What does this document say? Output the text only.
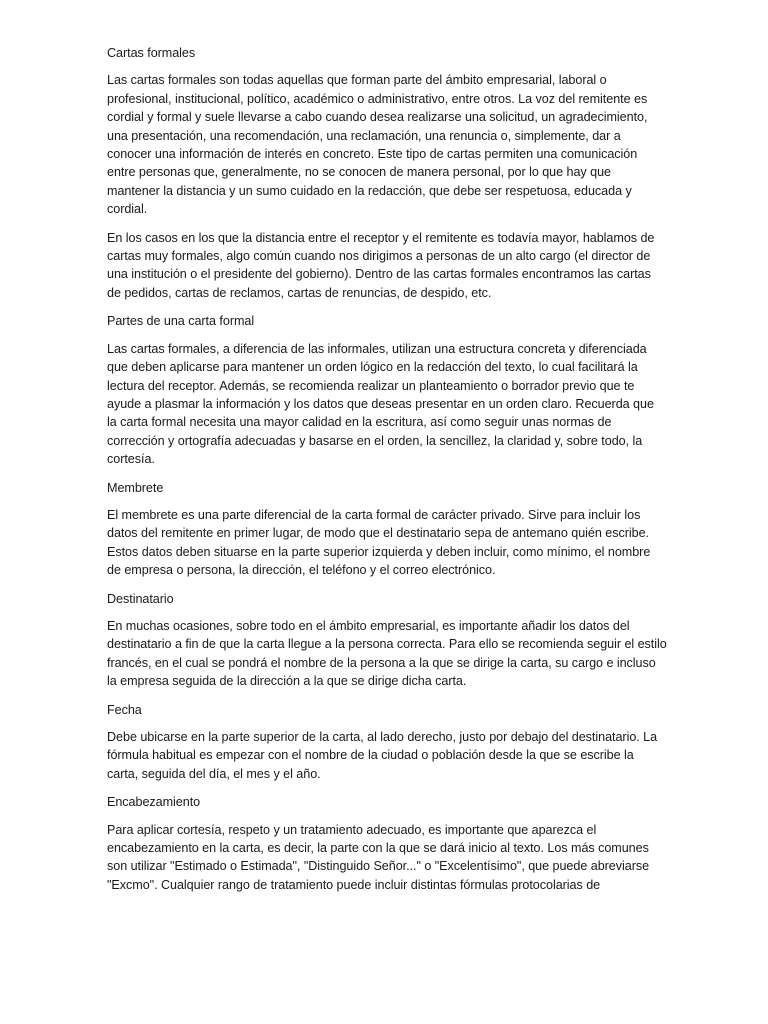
Cartas formales
Las cartas formales son todas aquellas que forman parte del ámbito empresarial, laboral o profesional, institucional, político, académico o administrativo, entre otros. La voz del remitente es cordial y formal y suele llevarse a cabo cuando desea realizarse una solicitud, un agradecimiento, una presentación, una recomendación, una reclamación, una renuncia o, simplemente, dar a conocer una información de interés en concreto. Este tipo de cartas permiten una comunicación entre personas que, generalmente, no se conocen de manera personal, por lo que hay que mantener la distancia y un sumo cuidado en la redacción, que debe ser respetuosa, educada y cordial.
En los casos en los que la distancia entre el receptor y el remitente es todavía mayor, hablamos de cartas muy formales, algo común cuando nos dirigimos a personas de un alto cargo (el director de una institución o el presidente del gobierno). Dentro de las cartas formales encontramos las cartas de pedidos, cartas de reclamos, cartas de renuncias, de despido, etc.
Partes de una carta formal
Las cartas formales, a diferencia de las informales, utilizan una estructura concreta y diferenciada que deben aplicarse para mantener un orden lógico en la redacción del texto, lo cual facilitará la lectura del receptor. Además, se recomienda realizar un planteamiento o borrador previo que te ayude a plasmar la información y los datos que deseas presentar en un orden claro. Recuerda que la carta formal necesita una mayor calidad en la escritura, así como seguir unas normas de corrección y ortografía adecuadas y basarse en el orden, la sencillez, la claridad y, sobre todo, la cortesía.
Membrete
El membrete es una parte diferencial de la carta formal de carácter privado. Sirve para incluir los datos del remitente en primer lugar, de modo que el destinatario sepa de antemano quién escribe. Estos datos deben situarse en la parte superior izquierda y deben incluir, como mínimo, el nombre de empresa o persona, la dirección, el teléfono y el correo electrónico.
Destinatario
En muchas ocasiones, sobre todo en el ámbito empresarial, es importante añadir los datos del destinatario a fin de que la carta llegue a la persona correcta. Para ello se recomienda seguir el estilo francés, en el cual se pondrá el nombre de la persona a la que se dirige la carta, su cargo e incluso la empresa seguida de la dirección a la que se dirige dicha carta.
Fecha
Debe ubicarse en la parte superior de la carta, al lado derecho, justo por debajo del destinatario. La fórmula habitual es empezar con el nombre de la ciudad o población desde la que se escribe la carta, seguida del día, el mes y el año.
Encabezamiento
Para aplicar cortesía, respeto y un tratamiento adecuado, es importante que aparezca el encabezamiento en la carta, es decir, la parte con la que se dará inicio al texto. Los más comunes son utilizar "Estimado o Estimada", "Distinguido Señor..." o "Excelentísimo", que puede abreviarse "Excmo". Cualquier rango de tratamiento puede incluir distintas fórmulas protocolarias de
